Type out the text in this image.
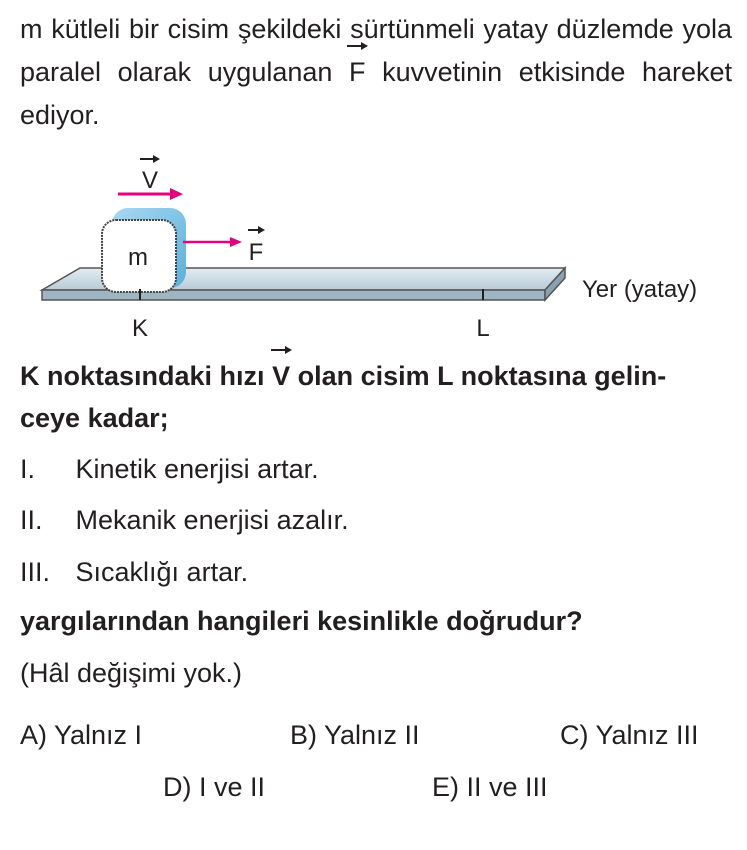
m kütleli bir cisim şekildeki sürtünmeli yatay düzlemde yola paralel olarak uygulanan F kuvvetinin etkisinde hareket ediyor.
V
m	F
K	L
Yer (yatay)
K noktasındaki hızı V olan cisim L noktasına gelin- ceye kadar;
I. Kinetik enerjisi artar.
II. Mekanik enerjisi azalır.
III. Sıcaklığı artar.
yargılarından hangileri kesinlikle doğrudur?
(Hâl değişimi yok.)
A) Yalnız I	B) Yalnız II	C) Yalnız III
D) I ve II	E) II ve III
